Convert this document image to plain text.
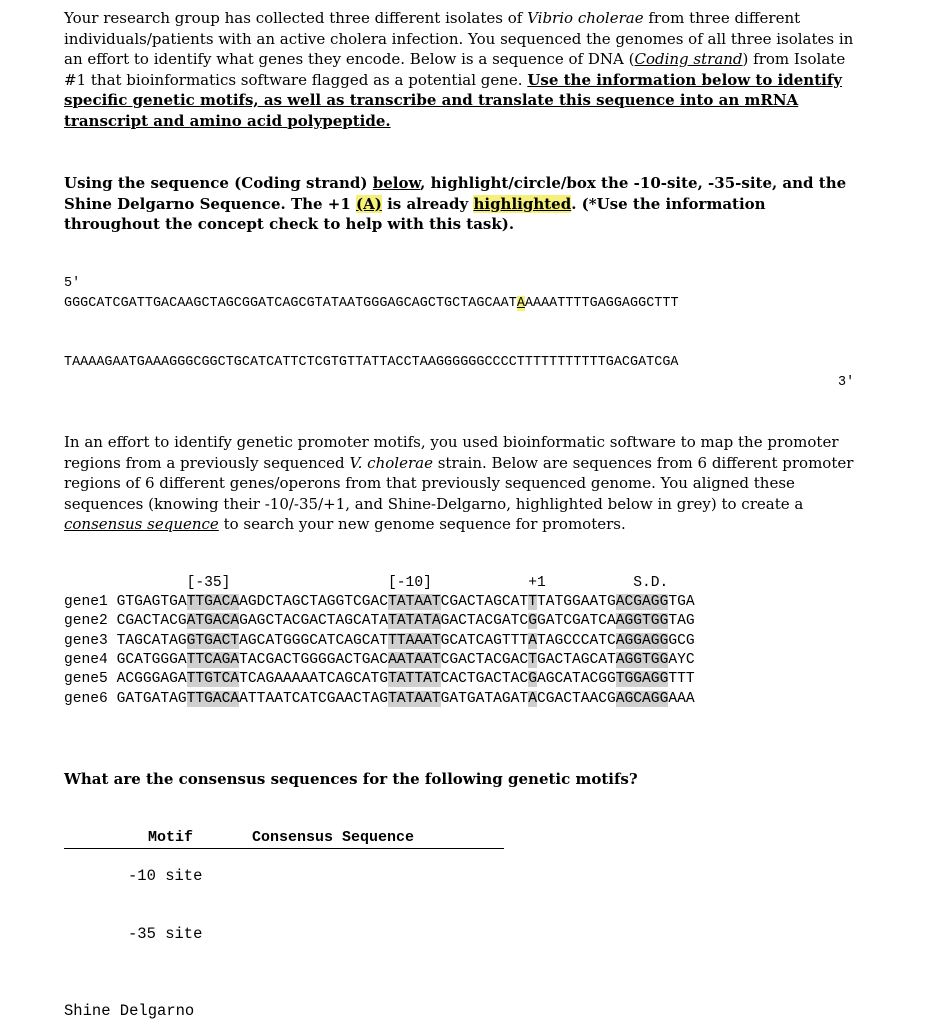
Your research group has collected three different isolates of Vibrio cholerae from three different individuals/patients with an active cholera infection. You sequenced the genomes of all three isolates in an effort to identify what genes they encode. Below is a sequence of DNA (Coding strand) from Isolate #1 that bioinformatics software flagged as a potential gene. Use the information below to identify specific genetic motifs, as well as transcribe and translate this sequence into an mRNA transcript and amino acid polypeptide.
Using the sequence (Coding strand) below, highlight/circle/box the -10-site, -35-site, and the Shine Delgarno Sequence. The +1 (A) is already highlighted. (*Use the information throughout the concept check to help with this task).
5'
GGGCATCGATTGACAAGCTAGCGGATCAGCGTATAATGGGAGCAGCTGCTAGCAATAAAAATTTTGAGGAGGCTTT
TAAAAGAATGAAAGGGCGGCTGCATCATTCTCGTGTTATTACCTAAGGGGGGCCCCTTTTTTTTTTTGACGATCGA
3'
In an effort to identify genetic promoter motifs, you used bioinformatic software to map the promoter regions from a previously sequenced V. cholerae strain. Below are sequences from 6 different promoter regions of 6 different genes/operons from that previously sequenced genome. You aligned these sequences (knowing their -10/-35/+1, and Shine-Delgarno, highlighted below in grey) to create a consensus sequence to search your new genome sequence for promoters.
[-35]	[-10]	+1	S.D.
gene1 GTGAGTGATTGACAAGDCTAGCTAGGTCGACTATAATCGACTAGCATTTATGGAATGACGAGGTGA
gene2 CGACTACGATGACAGAGCTACGACTAGCATATATATAGACTACGATCGGATCGATCAAGGTGGTAG
gene3 TAGCATAGGTGACTAGCATGGGCATCAGCATTTAAATGCATCAGTTTATAGCCCATCAGGAGGGCG
gene4 GCATGGGATTCAGATACGACTGGGGACTGACAATAATCGACTACGACTGACTAGCATAGGTGGAYC
gene5 ACGGGAGATTGTCATCAGAAAAATCAGCATGTATTATCACTGACTACGAGCATACGGTGGAGGTTT
gene6 GATGATAGTTGACAATTAATCATCGAACTAGTATAATGATGATAGATACGACTAACGAGCAGGAAA
What are the consensus sequences for the following genetic motifs?
Motif	Consensus Sequence
-10 site
-35 site
Shine Delgarno
